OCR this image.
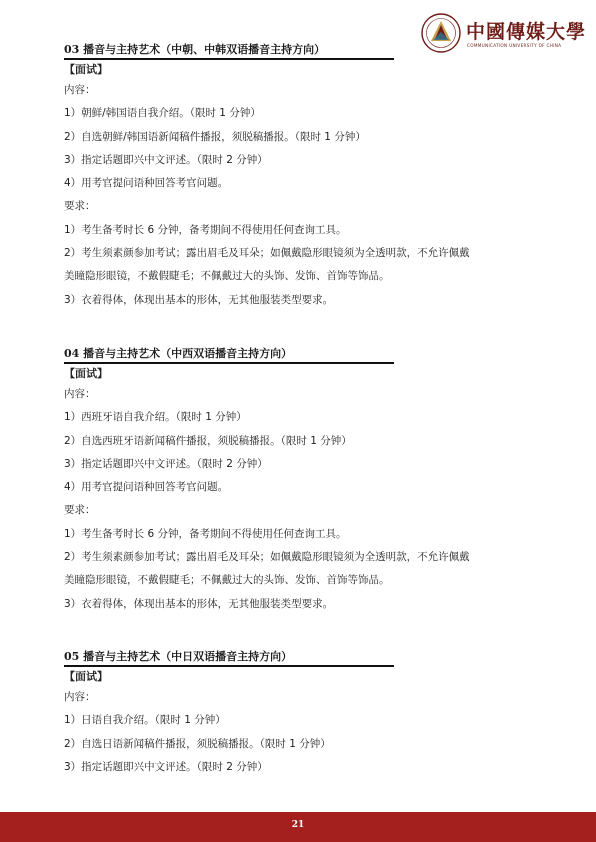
中國傳媒大學
COMMUNICATION UNIVERSITY OF CHINA
03 播音与主持艺术（中朝、中韩双语播音主持方向）
【面试】
内容：
1）朝鲜/韩国语自我介绍。（限时 1 分钟）
2）自选朝鲜/韩国语新闻稿件播报，须脱稿播报。（限时 1 分钟）
3）指定话题即兴中文评述。（限时 2 分钟）
4）用考官提问语种回答考官问题。
要求：
1）考生备考时长 6 分钟，备考期间不得使用任何查询工具。
2）考生须素颜参加考试；露出眉毛及耳朵；如佩戴隐形眼镜须为全透明款，不允许佩戴
美瞳隐形眼镜，不戴假睫毛；不佩戴过大的头饰、发饰、首饰等饰品。
3）衣着得体，体现出基本的形体，无其他服装类型要求。
04 播音与主持艺术（中西双语播音主持方向）
【面试】
内容：
1）西班牙语自我介绍。（限时 1 分钟）
2）自选西班牙语新闻稿件播报，须脱稿播报。（限时 1 分钟）
3）指定话题即兴中文评述。（限时 2 分钟）
4）用考官提问语种回答考官问题。
要求：
1）考生备考时长 6 分钟，备考期间不得使用任何查询工具。
2）考生须素颜参加考试；露出眉毛及耳朵；如佩戴隐形眼镜须为全透明款，不允许佩戴
美瞳隐形眼镜，不戴假睫毛；不佩戴过大的头饰、发饰、首饰等饰品。
3）衣着得体，体现出基本的形体，无其他服装类型要求。
05 播音与主持艺术（中日双语播音主持方向）
【面试】
内容：
1）日语自我介绍。（限时 1 分钟）
2）自选日语新闻稿件播报，须脱稿播报。（限时 1 分钟）
3）指定话题即兴中文评述。（限时 2 分钟）
21
